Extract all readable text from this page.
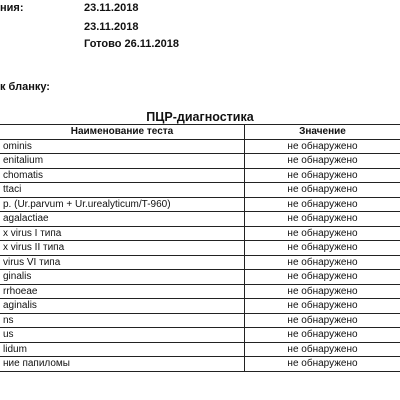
ния:	23.11.2018
23.11.2018
Готово 26.11.2018
к бланку:
ПЦР-диагностика
Наименование теста	Значение
ominis	не обнаружено
enitalium	не обнаружено
chomatis	не обнаружено
ttaci	не обнаружено
p. (Ur.parvum + Ur.urealyticum/T-960)	не обнаружено
agalactiae	не обнаружено
x virus I типа	не обнаружено
x virus II типа	не обнаружено
virus VI типа	не обнаружено
ginalis	не обнаружено
rrhoeae	не обнаружено
aginalis	не обнаружено
ns	не обнаружено
us	не обнаружено
lidum	не обнаружено
ние папиломы	не обнаружено
